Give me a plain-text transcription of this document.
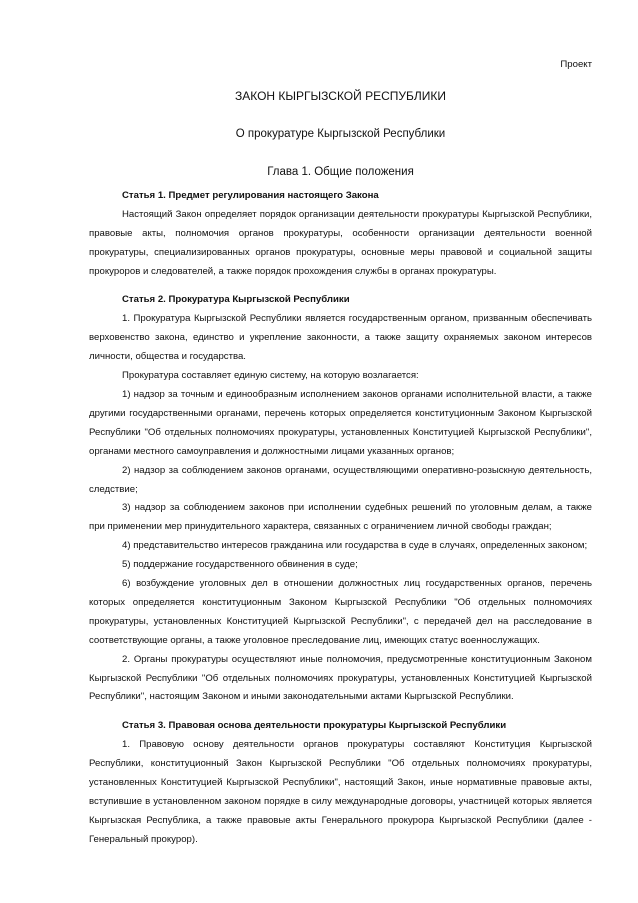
Проект
ЗАКОН КЫРГЫЗСКОЙ РЕСПУБЛИКИ
О прокуратуре Кыргызской Республики
Глава 1. Общие положения
Статья 1. Предмет регулирования настоящего Закона

Настоящий Закон определяет порядок организации деятельности прокуратуры Кыргызской Республики, правовые акты, полномочия органов прокуратуры, особенности организации деятельности военной прокуратуры, специализированных органов прокуратуры, основные меры правовой и социальной защиты прокуроров и следователей, а также порядок прохождения службы в органах прокуратуры.

Статья 2. Прокуратура Кыргызской Республики

1. Прокуратура Кыргызской Республики является государственным органом, призванным обеспечивать верховенство закона, единство и укрепление законности, а также защиту охраняемых законом интересов личности, общества и государства.

Прокуратура составляет единую систему, на которую возлагается:

1) надзор за точным и единообразным исполнением законов органами исполнительной власти, а также другими государственными органами, перечень которых определяется конституционным Законом Кыргызской Республики "Об отдельных полномочиях прокуратуры, установленных Конституцией Кыргызской Республики", органами местного самоуправления и должностными лицами указанных органов;

2) надзор за соблюдением законов органами, осуществляющими оперативно-розыскную деятельность, следствие;

3) надзор за соблюдением законов при исполнении судебных решений по уголовным делам, а также при применении мер принудительного характера, связанных с ограничением личной свободы граждан;

4) представительство интересов гражданина или государства в суде в случаях, определенных законом;

5) поддержание государственного обвинения в суде;

6) возбуждение уголовных дел в отношении должностных лиц государственных органов, перечень которых определяется конституционным Законом Кыргызской Республики "Об отдельных полномочиях прокуратуры, установленных Конституцией Кыргызской Республики", с передачей дел на расследование в соответствующие органы, а также уголовное преследование лиц, имеющих статус военнослужащих.

2. Органы прокуратуры осуществляют иные полномочия, предусмотренные конституционным Законом Кыргызской Республики "Об отдельных полномочиях прокуратуры, установленных Конституцией Кыргызской Республики", настоящим Законом и иными законодательными актами Кыргызской Республики.

Статья 3. Правовая основа деятельности прокуратуры Кыргызской Республики

1. Правовую основу деятельности органов прокуратуры составляют Конституция Кыргызской Республики, конституционный Закон Кыргызской Республики "Об отдельных полномочиях прокуратуры, установленных Конституцией Кыргызской Республики", настоящий Закон, иные нормативные правовые акты, вступившие в установленном законом порядке в силу международные договоры, участницей которых является Кыргызская Республика, а также правовые акты Генерального прокурора Кыргызской Республики (далее - Генеральный прокурор).
